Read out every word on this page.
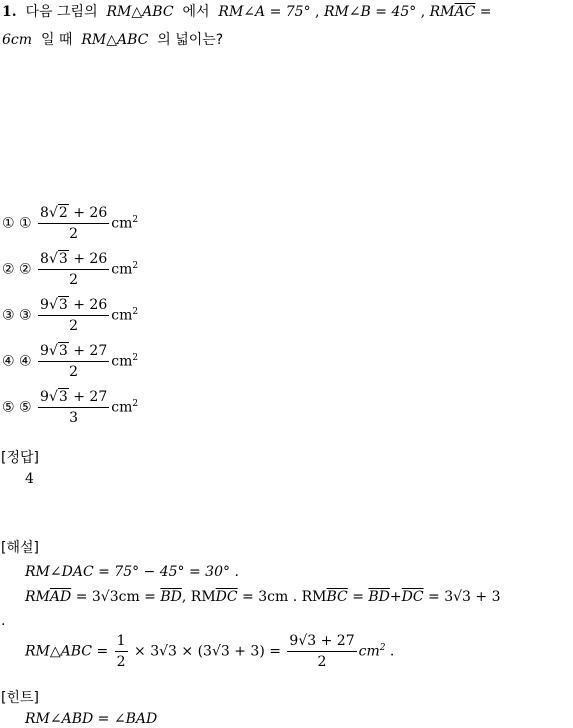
1. 다음 그림의 RM△ABC 에서 RM∠A = 75° , RM∠B = 45° , $RM\overline{AC}$ =
6cm 일 때 RM△ABC 의 넓이는?
① ① $\frac{8√2 + 26}{2} cm^2$
② ② $\frac{8√3 + 26}{2} cm^2$
③ ③ $\frac{9√3 + 26}{2} cm^2$
④ ④ $\frac{9√3 + 27}{2} cm^2$
⑤ ⑤ $\frac{9√3 + 27}{3} cm^2$
[정답]
4
[해설]
RM∠DAC = 75° − 45° = 30° .
$RM\overline{AD} = 3√3cm = \overline{BD}$, $RM\overline{DC} = 3cm$ . $RM\overline{BC} = \overline{BD}+\overline{DC} = 3√3 + 3$
.
RM△ABC = $\frac{1}{2} \times 3√3 \times (3√3 + 3) = \frac{9√3 + 27}{2} cm^2$ .
[힌트]
RM∠ABD = ∠BAD
